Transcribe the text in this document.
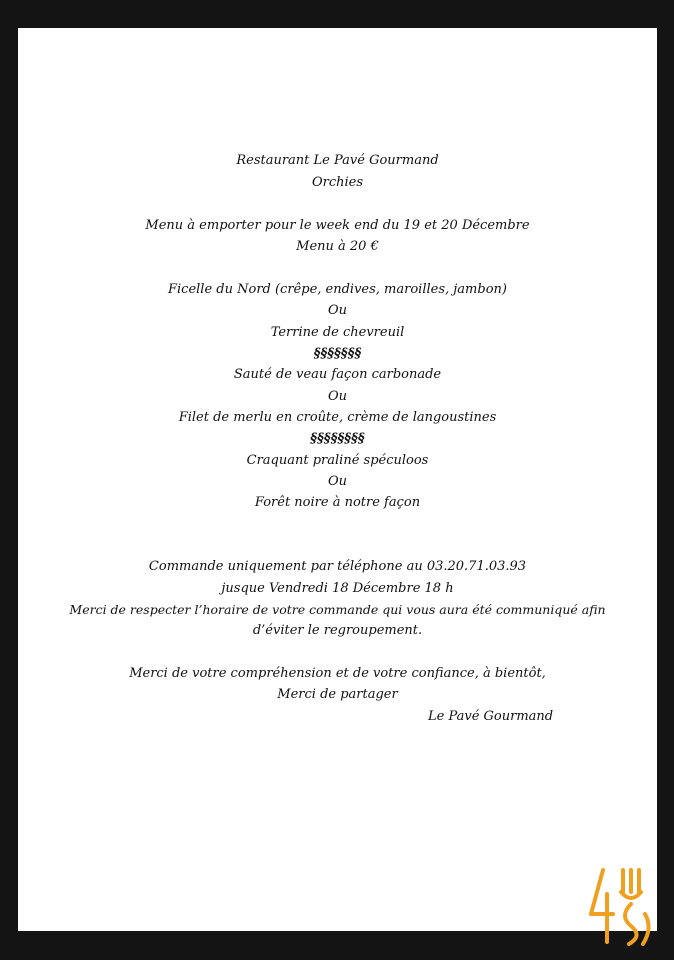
Restaurant Le Pavé Gourmand
Orchies
Menu à emporter pour le week end du 19 et 20 Décembre
Menu à 20 €
Ficelle du Nord (crêpe, endives, maroilles, jambon)
Ou
Terrine de chevreuil
§§§§§§§
Sauté de veau façon carbonade
Ou
Filet de merlu en croûte, crème de langoustines
§§§§§§§§
Craquant praliné spéculoos
Ou
Forêt noire à notre façon
Commande uniquement par téléphone au 03.20.71.03.93
jusque Vendredi 18 Décembre 18 h
Merci de respecter l’horaire de votre commande qui vous aura été communiqué afin
d’éviter le regroupement.
Merci de votre compréhension et de votre confiance, à bientôt,
Merci de partager
Le Pavé Gourmand
